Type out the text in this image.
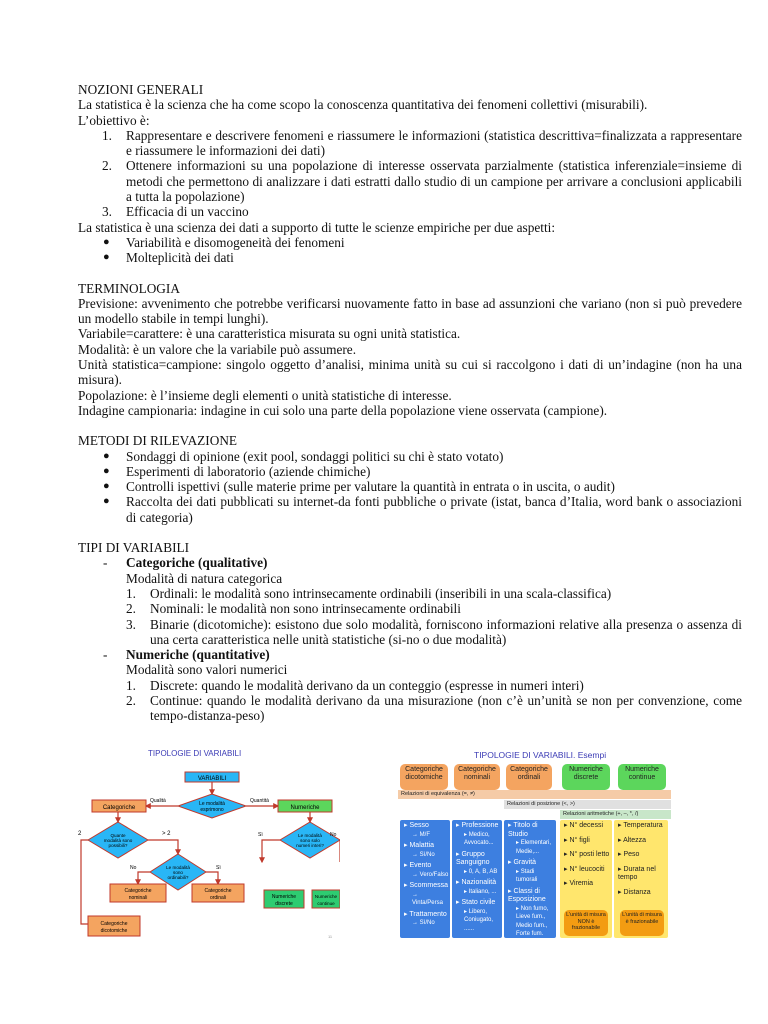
NOZIONI GENERALI

La statistica è la scienza che ha come scopo la conoscenza quantitativa dei fenomeni collettivi (misurabili).

L’obiettivo è:

1. Rappresentare e descrivere fenomeni e riassumere le informazioni (statistica descrittiva=finalizzata a rappresentare e riassumere le informazioni dei dati)
2. Ottenere informazioni su una popolazione di interesse osservata parzialmente (statistica inferenziale=insieme di metodi che permettono di analizzare i dati estratti dallo studio di un campione per arrivare a conclusioni applicabili a tutta la popolazione)
3. Efficacia di un vaccino

La statistica è una scienza dei dati a supporto di tutte le scienze empiriche per due aspetti:

● Variabilità e disomogeneità dei fenomeni
● Molteplicità dei dati

TERMINOLOGIA

Previsione: avvenimento che potrebbe verificarsi nuovamente fatto in base ad assunzioni che variano (non si può prevedere un modello stabile in tempi lunghi).

Variabile=carattere: è una caratteristica misurata su ogni unità statistica.

Modalità: è un valore che la variabile può assumere.

Unità statistica=campione: singolo oggetto d’analisi, minima unità su cui si raccolgono i dati di un’indagine (non ha una misura).

Popolazione: è l’insieme degli elementi o unità statistiche di interesse.

Indagine campionaria: indagine in cui solo una parte della popolazione viene osservata (campione).

METODI DI RILEVAZIONE

● Sondaggi di opinione (exit pool, sondaggi politici su chi è stato votato)
● Esperimenti di laboratorio (aziende chimiche)
● Controlli ispettivi (sulle materie prime per valutare la quantità in entrata o in uscita, o audit)
● Raccolta dei dati pubblicati su internet-da fonti pubbliche o private (istat, banca d’Italia, word bank o associazioni di categoria)

TIPI DI VARIABILI

- Categoriche (qualitative)
Modalità di natura categorica
1. Ordinali: le modalità sono intrinsecamente ordinabili (inseribili in una scala-classifica)
2. Nominali: le modalità non sono intrinsecamente ordinabili
3. Binarie (dicotomiche): esistono due solo modalità, forniscono informazioni relative alla presenza o assenza di una certa caratteristica nelle unità statistiche (si-no o due modalità)
- Numeriche (quantitative)
Modalità sono valori numerici
1. Discrete: quando le modalità derivano da un conteggio (espresse in numeri interi)
2. Continue: quando le modalità derivano da una misurazione (non c’è un’unità se non per convenzione, come tempo-distanza-peso)
TIPOLOGIE DI VARIABILI
VARIABILI
Le modalità
esprimono
Qualità	Quantità
Categoriche	Numeriche
Quante
modalità sono
possibili?
2	> 2
Le modalità
sono
ordinabili?
No	Sì
Le modalità
sono solo
numeri interi?
Sì	No
Categoriche
nominali
Categoriche
ordinali	Numeriche
discrete
Numeriche
continue
Categoriche
dicotomiche
11
TIPOLOGIE DI VARIABILI. Esempi
Categoriche
dicotomiche
Categoriche
nominali
Categoriche
ordinali
Numeriche
discrete
Numeriche
continue
Relazioni di equivalenza (=, ≠)
Relazioni di posizione (<, >)
Relazioni aritmetiche (+, –, *, /)
▸ Sesso
→ M/F
▸ Malattia
→ Sì/No
▸ Evento
→ Vero/Falso
▸ Scommessa
→ Vinta/Persa
▸ Trattamento
→ Sì/No
▸ Professione
▸ Medico, Avvocato...
▸ Gruppo Sanguigno
▸ 0, A, B, AB
▸ Nazionalità
▸ Italiano, ...
▸ Stato civile
▸ Libero, Coniugato, ......
▸ Titolo di Studio
▸ Elementari, Medie,...
▸ Gravità
▸ Stadi tumorali
▸ Classi di Esposizione
▸ Non fumo, Lieve fum., Medio fum., Forte fum.
▸ N° decessi
▸ N° figli
▸ N° posti letto
▸ N° leucociti
▸ Viremia
▸ Temperatura
▸ Altezza
▸ Peso
▸ Durata nel tempo
▸ Distanza
L’unità di misura NON è frazionabile
L’unità di misura è frazionabile
